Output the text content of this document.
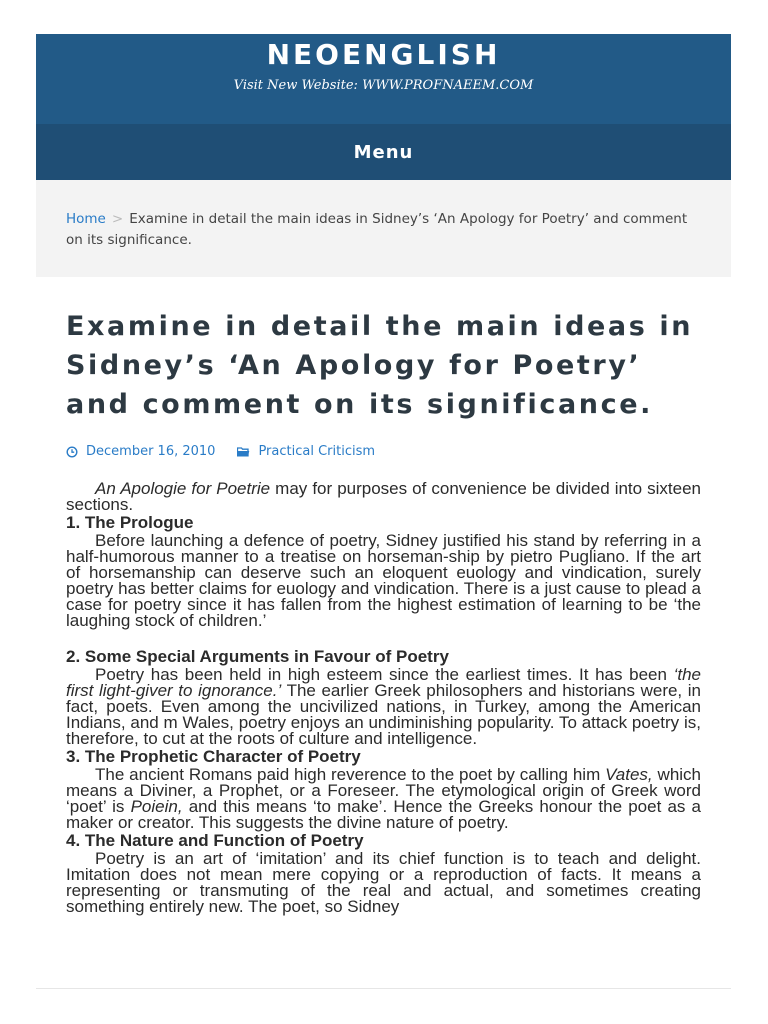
NEOENGLISH
Visit New Website: WWW.PROFNAEEM.COM
Menu
Home > Examine in detail the main ideas in Sidney’s ‘An Apology for Poetry’ and comment on its significance.
Examine in detail the main ideas in Sidney’s ‘An Apology for Poetry’ and comment on its significance.
December 16, 2010	Practical Criticism

An Apologie for Poetrie may for purposes of convenience be divided into sixteen sections.

1. The Prologue

Before launching a defence of poetry, Sidney justified his stand by referring in a half-humorous manner to a treatise on horseman-ship by pietro Pugliano. If the art of horsemanship can deserve such an eloquent euology and vindication, surely poetry has better claims for euology and vindication. There is a just cause to plead a case for poetry since it has fallen from the highest estimation of learning to be ‘the laughing stock of children.’

2. Some Special Arguments in Favour of Poetry

Poetry has been held in high esteem since the earliest times. It has been ‘the first light-giver to ignorance.’ The earlier Greek philosophers and historians were, in fact, poets. Even among the uncivilized nations, in Turkey, among the American Indians, and m Wales, poetry enjoys an undiminishing popularity. To attack poetry is, therefore, to cut at the roots of culture and intelligence.

3. The Prophetic Character of Poetry

The ancient Romans paid high reverence to the poet by calling him Vates, which means a Diviner, a Prophet, or a Foreseer. The etymological origin of Greek word ‘poet’ is Poiein, and this means ‘to make’. Hence the Greeks honour the poet as a maker or creator. This suggests the divine nature of poetry.

4. The Nature and Function of Poetry

Poetry is an art of ‘imitation’ and its chief function is to teach and delight. Imitation does not mean mere copying or a reproduction of facts. It means a representing or transmuting of the real and actual, and sometimes creating something entirely new. The poet, so Sidney
